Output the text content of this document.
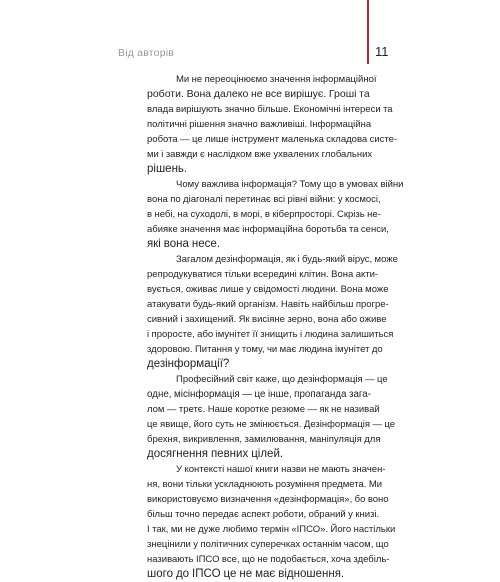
Від авторів	11
Ми не переоцінюємо значення інформаційної
роботи. Вона далеко не все вирішує. Гроші та
влада вирішують значно більше. Економічні інтереси та
політичні рішення значно важливіші. Інформаційна
робота — це лише інструмент маленька складова систе-
ми і завжди є наслідком вже ухвалених глобальних
рішень.
Чому важлива інформація? Тому що в умовах війни
вона по діагоналі перетинає всі рівні війни: у космосі,
в небі, на суходолі, в морі, в кіберпросторі. Скрізь не-
абияке значення має інформаційна боротьба та сенси,
які вона несе.
Загалом дезінформація, як і будь-який вірус, може
репродукуватися тільки всередині клітин. Вона акти-
вується, оживає лише у свідомості людини. Вона може
атакувати будь-який організм. Навіть найбільш прогре-
сивний і захищений. Як висіяне зерно, вона або оживе
і проросте, або імунітет її знищить і людина залишиться
здоровою. Питання у тому, чи має людина імунітет до
дезінформації?
Професійний світ каже, що дезінформація — це
одне, місінформація — це інше, пропаганда зага-
лом — третє. Наше коротке резюме — як не називай
це явище, його суть не змінюється. Дезінформація — це
брехня, викривлення, замилювання, маніпуляція для
досягнення певних цілей.
У контексті нашої книги назви не мають значен-
ня, вони тільки ускладнюють розуміння предмета. Ми
використовуємо визначення «дезінформація», бо воно
більш точно передає аспект роботи, обраний у книзі.
І так, ми не дуже любимо термін «ІПСО». Його настільки
знецінили у політичних суперечках останнім часом, що
називають ІПСО все, що не подобається, хоча здебіль-
шого до ІПСО це не має відношення.
